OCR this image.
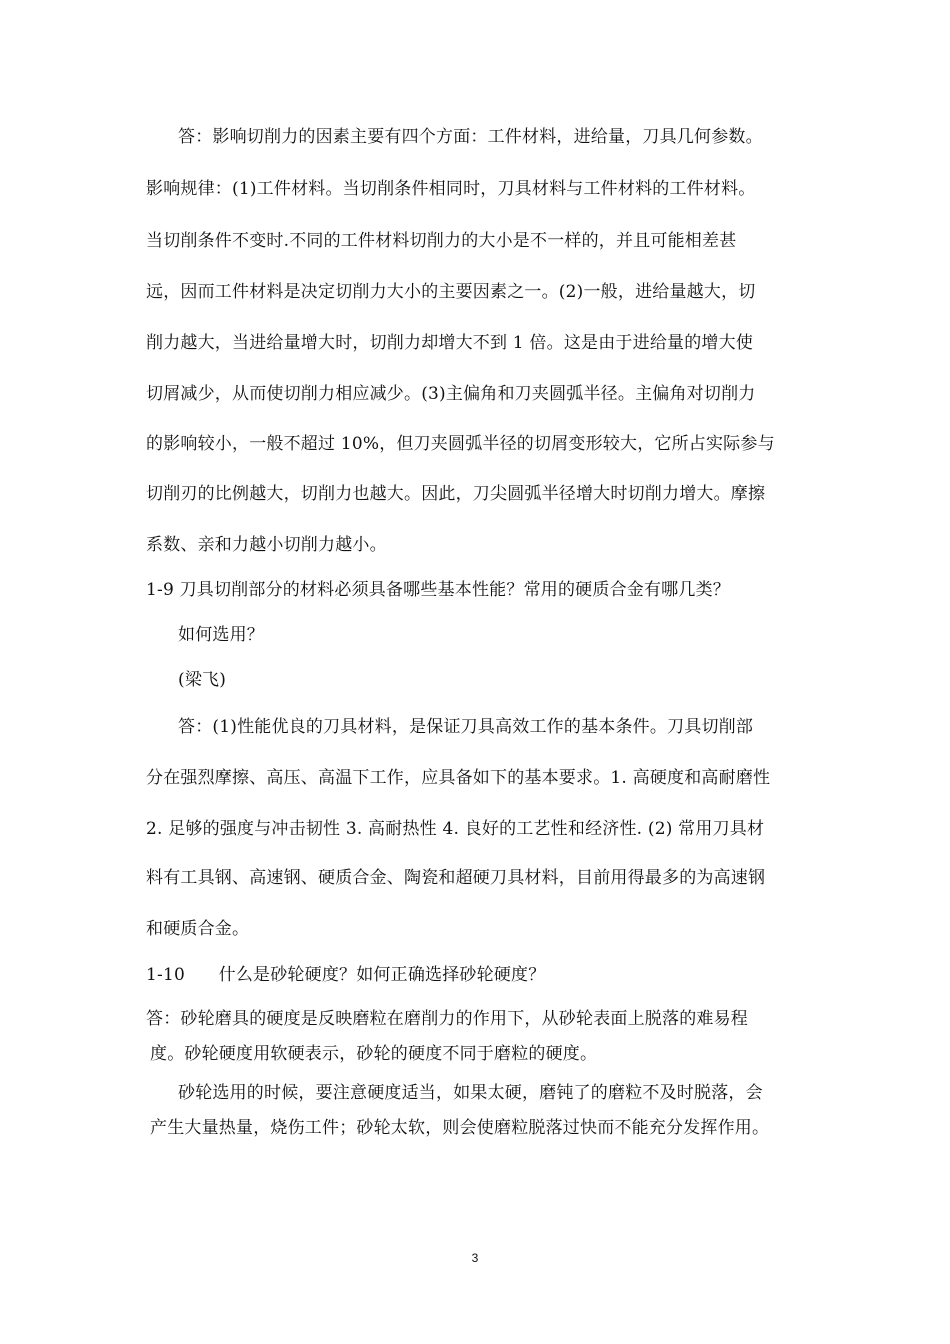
答：影响切削力的因素主要有四个方面：工件材料，进给量，刀具几何参数。
影响规律：(1)工件材料。当切削条件相同时，刀具材料与工件材料的工件材料。
当切削条件不变时.不同的工件材料切削力的大小是不一样的，并且可能相差甚
远，因而工件材料是决定切削力大小的主要因素之一。(2)一般，进给量越大，切
削力越大，当进给量增大时，切削力却增大不到 1 倍。这是由于进给量的增大使
切屑减少，从而使切削力相应减少。(3)主偏角和刀夹圆弧半径。主偏角对切削力
的影响较小，一般不超过 10%，但刀夹圆弧半径的切屑变形较大，它所占实际参与
切削刃的比例越大，切削力也越大。因此，刀尖圆弧半径增大时切削力增大。摩擦
系数、亲和力越小切削力越小。
1-9 刀具切削部分的材料必须具备哪些基本性能？常用的硬质合金有哪几类？
如何选用？
(梁飞)
答：(1)性能优良的刀具材料，是保证刀具高效工作的基本条件。刀具切削部
分在强烈摩擦、高压、高温下工作，应具备如下的基本要求。1. 高硬度和高耐磨性
2. 足够的强度与冲击韧性 3. 高耐热性 4. 良好的工艺性和经济性. (2) 常用刀具材
料有工具钢、高速钢、硬质合金、陶瓷和超硬刀具材料，目前用得最多的为高速钢
和硬质合金。
1-10      什么是砂轮硬度？如何正确选择砂轮硬度？
答：砂轮磨具的硬度是反映磨粒在磨削力的作用下，从砂轮表面上脱落的难易程
度。砂轮硬度用软硬表示，砂轮的硬度不同于磨粒的硬度。
砂轮选用的时候，要注意硬度适当，如果太硬，磨钝了的磨粒不及时脱落，会
产生大量热量，烧伤工件；砂轮太软，则会使磨粒脱落过快而不能充分发挥作用。
3
